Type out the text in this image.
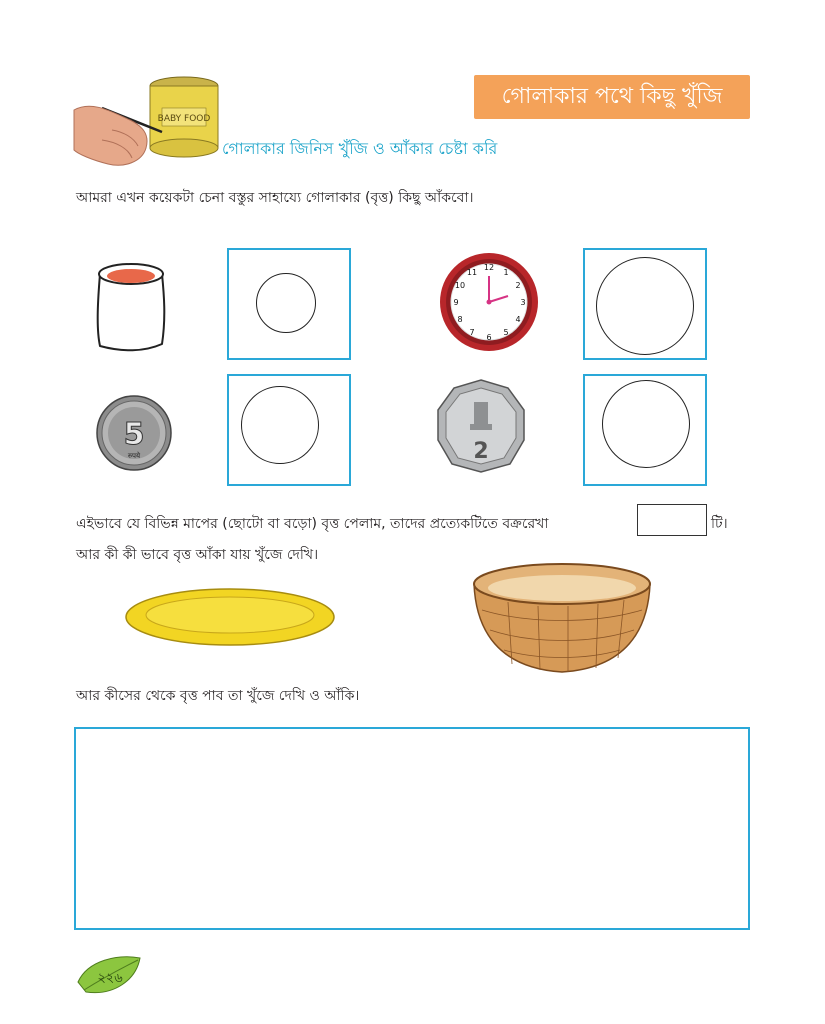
গোলাকার পথে কিছু খুঁজি
BABY FOOD
গোলাকার জিনিস খুঁজি ও আঁকার চেষ্টা করি
আমরা এখন কয়েকটা চেনা বস্তুর সাহায্যে গোলাকার (বৃত্ত) কিছু আঁকবো।
12
1
2
3
4
5
6
7
8
9
10
11
5
रुपये	2
এইভাবে যে বিভিন্ন মাপের (ছোটো বা বড়ো) বৃত্ত পেলাম, তাদের প্রত্যেকটিতে বক্ররেখা	টি।
আর কী কী ভাবে বৃত্ত আঁকা যায় খুঁজে দেখি।
আর কীসের থেকে বৃত্ত পাব তা খুঁজে দেখি ও আঁকি।
২২৬
